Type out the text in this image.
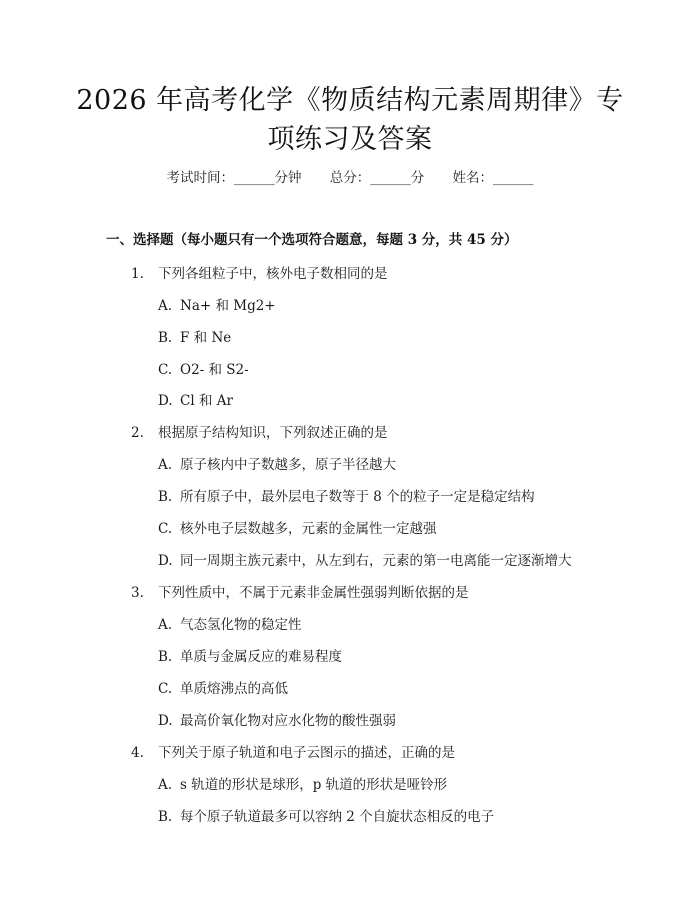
2026 年高考化学《物质结构元素周期律》专
项练习及答案
考试时间：______分钟 总分：______分 姓名：______
一、选择题（每小题只有一个选项符合题意，每题 3 分，共 45 分）
1. 下列各组粒子中，核外电子数相同的是
A. Na+ 和 Mg2+
B. F 和 Ne
C. O2- 和 S2-
D. Cl 和 Ar
2. 根据原子结构知识，下列叙述正确的是
A. 原子核内中子数越多，原子半径越大
B. 所有原子中，最外层电子数等于 8 个的粒子一定是稳定结构
C. 核外电子层数越多，元素的金属性一定越强
D. 同一周期主族元素中，从左到右，元素的第一电离能一定逐渐增大
3. 下列性质中，不属于元素非金属性强弱判断依据的是
A. 气态氢化物的稳定性
B. 单质与金属反应的难易程度
C. 单质熔沸点的高低
D. 最高价氧化物对应水化物的酸性强弱
4. 下列关于原子轨道和电子云图示的描述，正确的是
A. s 轨道的形状是球形，p 轨道的形状是哑铃形
B. 每个原子轨道最多可以容纳 2 个自旋状态相反的电子
